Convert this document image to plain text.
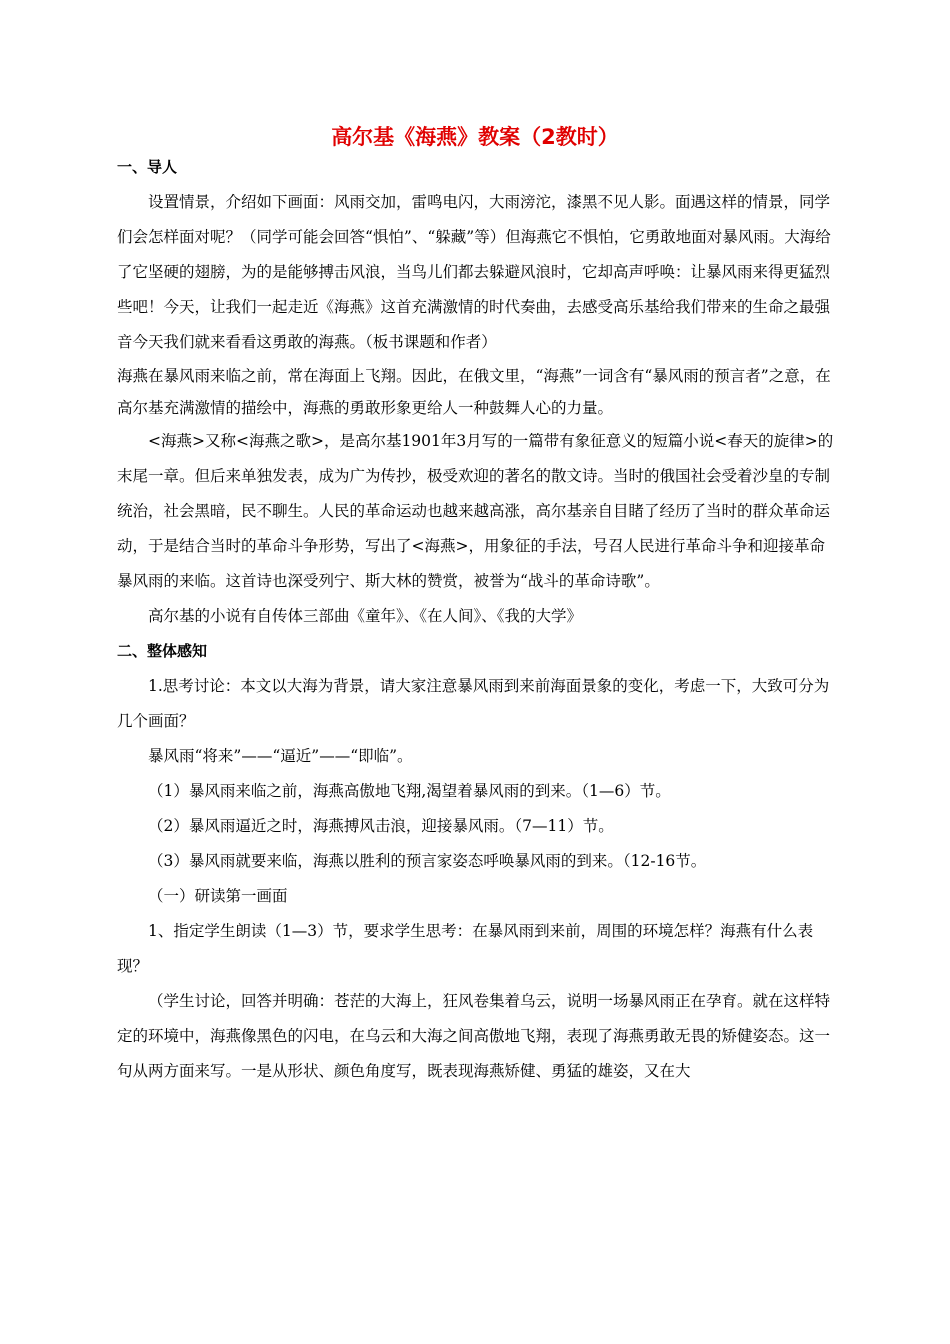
高尔基《海燕》教案（2教时）

一、导人

设置情景，介绍如下画面：风雨交加，雷鸣电闪，大雨滂沱，漆黑不见人影。面遇这样的情景，同学们会怎样面对呢？（同学可能会回答“惧怕”、“躲藏”等）但海燕它不惧怕，它勇敢地面对暴风雨。大海给了它坚硬的翅膀，为的是能够搏击风浪，当鸟儿们都去躲避风浪时，它却高声呼唤：让暴风雨来得更猛烈些吧！今天，让我们一起走近《海燕》这首充满激情的时代奏曲，去感受高乐基给我们带来的生命之最强音今天我们就来看看这勇敢的海燕。（板书课题和作者）

海燕在暴风雨来临之前，常在海面上飞翔。因此，在俄文里，“海燕”一词含有“暴风雨的预言者”之意，在高尔基充满激情的描绘中，海燕的勇敢形象更给人一种鼓舞人心的力量。

<海燕>又称<海燕之歌>，是高尔基1901年3月写的一篇带有象征意义的短篇小说<春天的旋律>的末尾一章。但后来单独发表，成为广为传抄，极受欢迎的著名的散文诗。当时的俄国社会受着沙皇的专制统治，社会黑暗，民不聊生。人民的革命运动也越来越高涨，高尔基亲自目睹了经历了当时的群众革命运动，于是结合当时的革命斗争形势，写出了<海燕>，用象征的手法，号召人民进行革命斗争和迎接革命暴风雨的来临。这首诗也深受列宁、斯大林的赞赏，被誉为“战斗的革命诗歌”。

高尔基的小说有自传体三部曲《童年》、《在人间》、《我的大学》

二、整体感知

1.思考讨论：本文以大海为背景，请大家注意暴风雨到来前海面景象的变化，考虑一下，大致可分为几个画面？

暴风雨“将来”——“逼近”——“即临”。

（1）暴风雨来临之前，海燕高傲地飞翔,渴望着暴风雨的到来。（1—6）节。

（2）暴风雨逼近之时，海燕搏风击浪，迎接暴风雨。（7—11）节。

（3）暴风雨就要来临，海燕以胜利的预言家姿态呼唤暴风雨的到来。（12-16节。

（一）研读第一画面

1、指定学生朗读（1—3）节，要求学生思考：在暴风雨到来前，周围的环境怎样？海燕有什么表现？

（学生讨论，回答并明确：苍茫的大海上，狂风卷集着乌云，说明一场暴风雨正在孕育。就在这样特定的环境中，海燕像黑色的闪电，在乌云和大海之间高傲地飞翔，表现了海燕勇敢无畏的矫健姿态。这一句从两方面来写。一是从形状、颜色角度写，既表现海燕矫健、勇猛的雄姿，又在大
